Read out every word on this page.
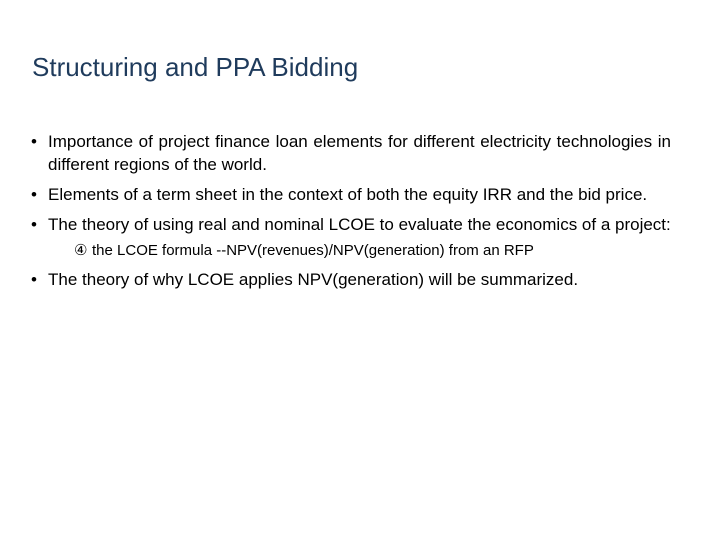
Structuring and PPA Bidding
• Importance of project finance loan elements for different electricity technologies in different regions of the world.
• Elements of a term sheet in the context of both the equity IRR and the bid price.
• The theory of using real and nominal LCOE to evaluate the economics of a project:
④ the LCOE formula --NPV(revenues)/NPV(generation) from an RFP
• The theory of why LCOE applies NPV(generation) will be summarized.
